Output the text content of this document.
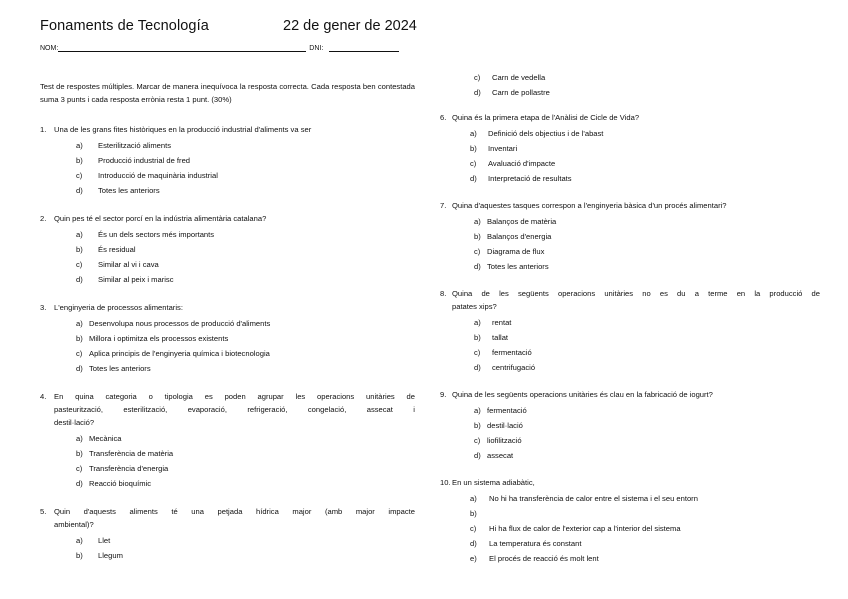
Fonaments de Tecnología	22 de gener de 2024
NOM:	DNI:
Test de respostes múltiples. Marcar de manera inequívoca la resposta correcta. Cada resposta ben contestada suma 3 punts i cada resposta errònia resta 1 punt. (30%)
1.	Una de les grans fites històriques en la producció industrial d'aliments va ser
a)	Esterilització aliments
b)	Producció industrial de fred
c)	Introducció de maquinària industrial
d)	Totes les anteriors
2.	Quin pes té el sector porcí en la indústria alimentària catalana?
a)	És un dels sectors més importants
b)	És residual
c)	Similar al vi i cava
d)	Similar al peix i marisc
3.	L'enginyeria de processos alimentaris:
a) Desenvolupa nous processos de producció d'aliments
b) Millora i optimitza els processos existents
c) Aplica principis de l'enginyeria química i biotecnologia
d) Totes les anteriors
4.	En quina categoria o tipologia es poden agrupar les operacions unitàries de
pasteurització, esterilització, evaporació, refrigeració, congelació, assecat i
destil·lació?
a) Mecànica
b) Transferència de matèria
c) Transferència d'energia
d) Reacció bioquímic
5.	Quin d'aquests aliments té una petjada hídrica major (amb major impacte
ambiental)?
a)	Llet
b)	Llegum
c)	Carn de vedella
d)	Carn de pollastre
6. Quina és la primera etapa de l'Anàlisi de Cicle de Vida?
a)	Definició dels objectius i de l'abast
b)	Inventari
c)	Avaluació d'impacte
d)	Interpretació de resultats
7. Quina d'aquestes tasques correspon a l'enginyeria bàsica d'un procés alimentari?
a) Balanços de matèria
b) Balanços d'energia
c) Diagrama de flux
d) Totes les anteriors
8. Quina de les següents operacions unitàries no es du a terme en la producció de
patates xips?
a)	rentat
b)	tallat
c)	fermentació
d)	centrifugació
9. Quina de les següents operacions unitàries és clau en la fabricació de iogurt?
a) fermentació
b) destil·lació
c) liofilització
d) assecat
10. En un sistema adiabàtic,
a)	No hi ha transferència de calor entre el sistema i el seu entorn
b)
c)	Hi ha flux de calor de l'exterior cap a l'interior del sistema
d)	La temperatura és constant
e)	El procés de reacció és molt lent
